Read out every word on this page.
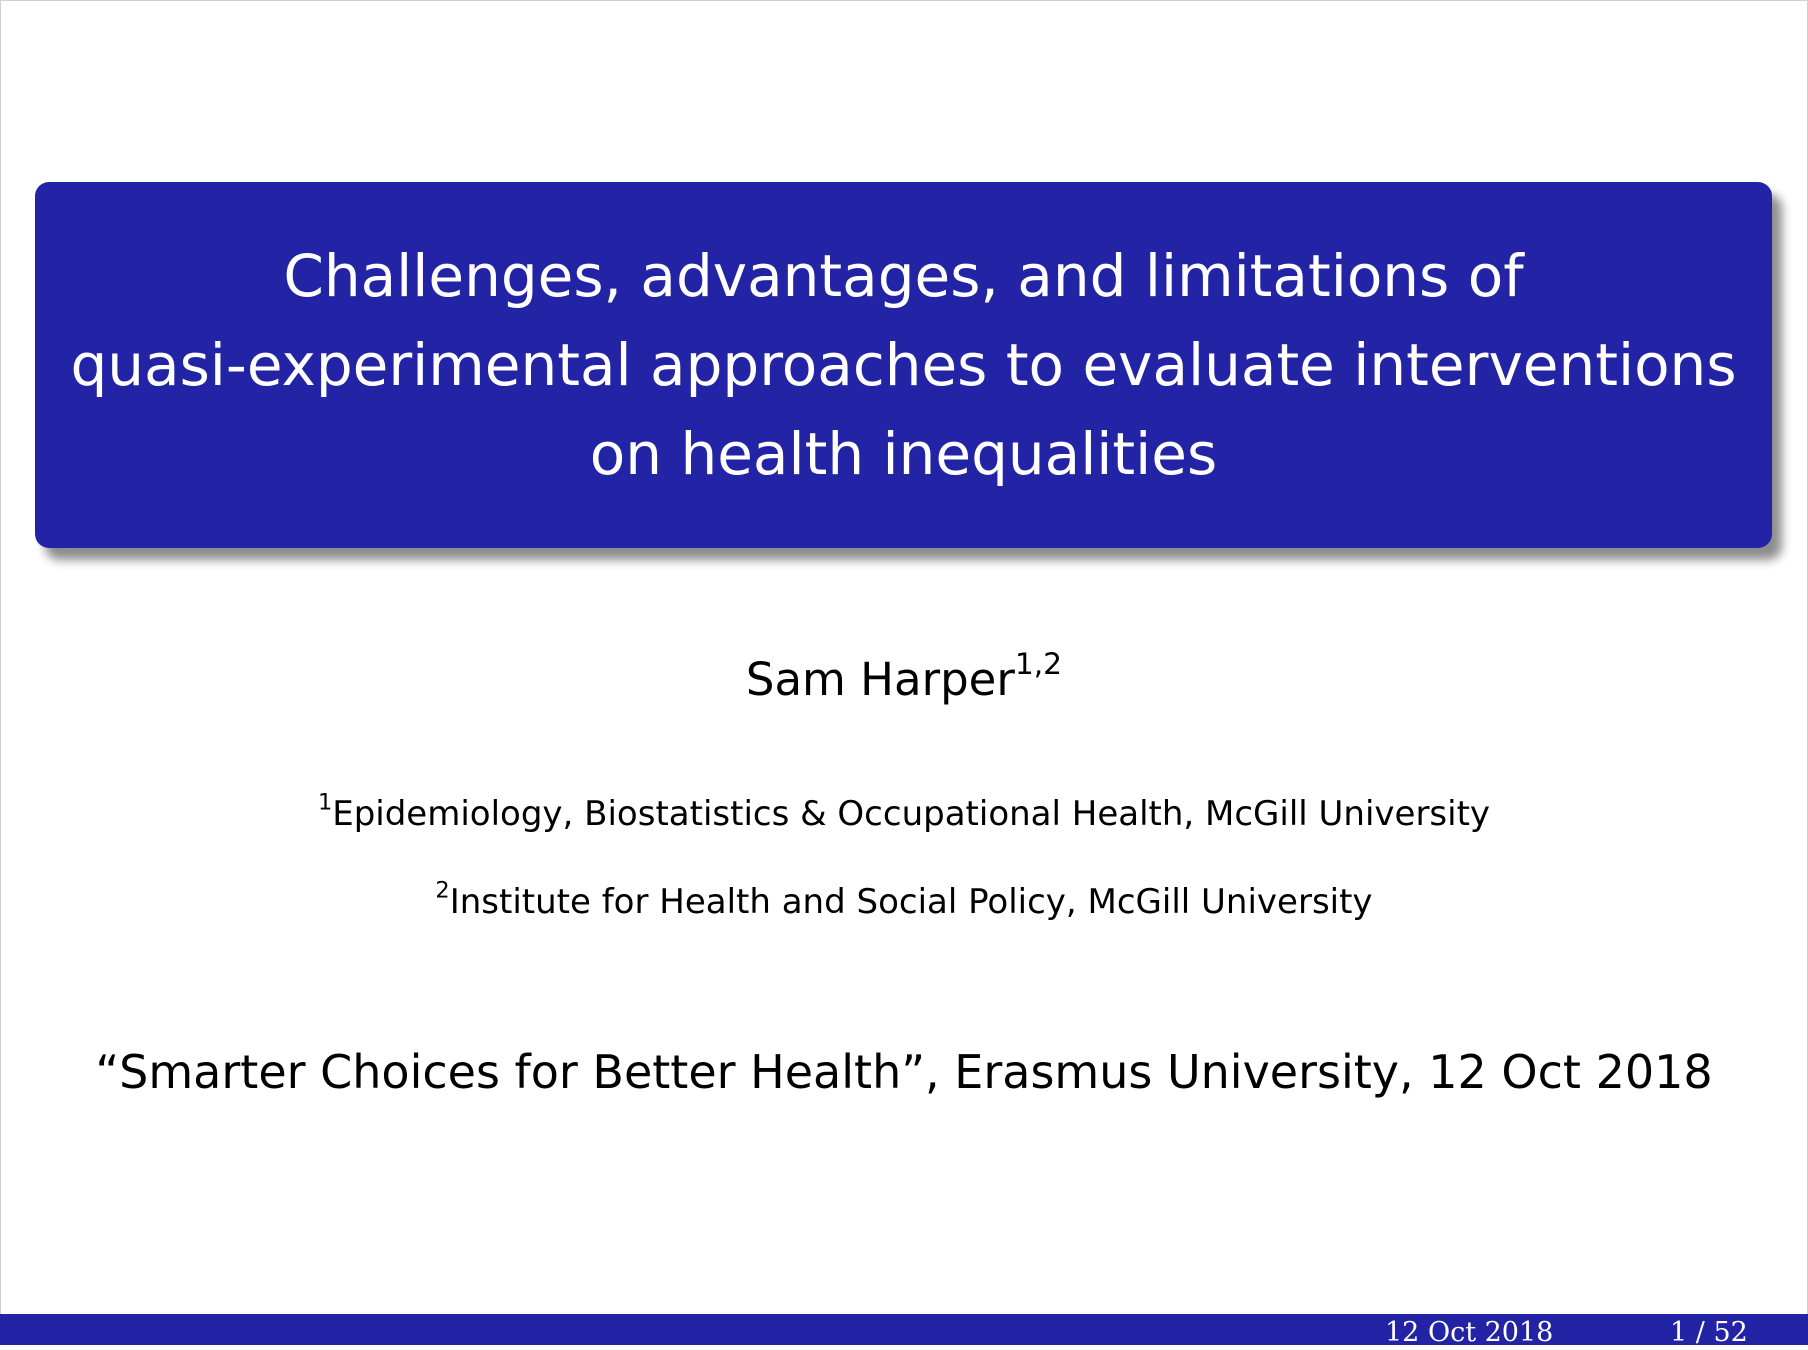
Challenges, advantages, and limitations of
quasi-experimental approaches to evaluate interventions
on health inequalities
Sam Harper$^{1,2}$
$^1$Epidemiology, Biostatistics & Occupational Health, McGill University
$^2$Institute for Health and Social Policy, McGill University
“Smarter Choices for Better Health”, Erasmus University, 12 Oct 2018
12 Oct 2018	1 / 52
